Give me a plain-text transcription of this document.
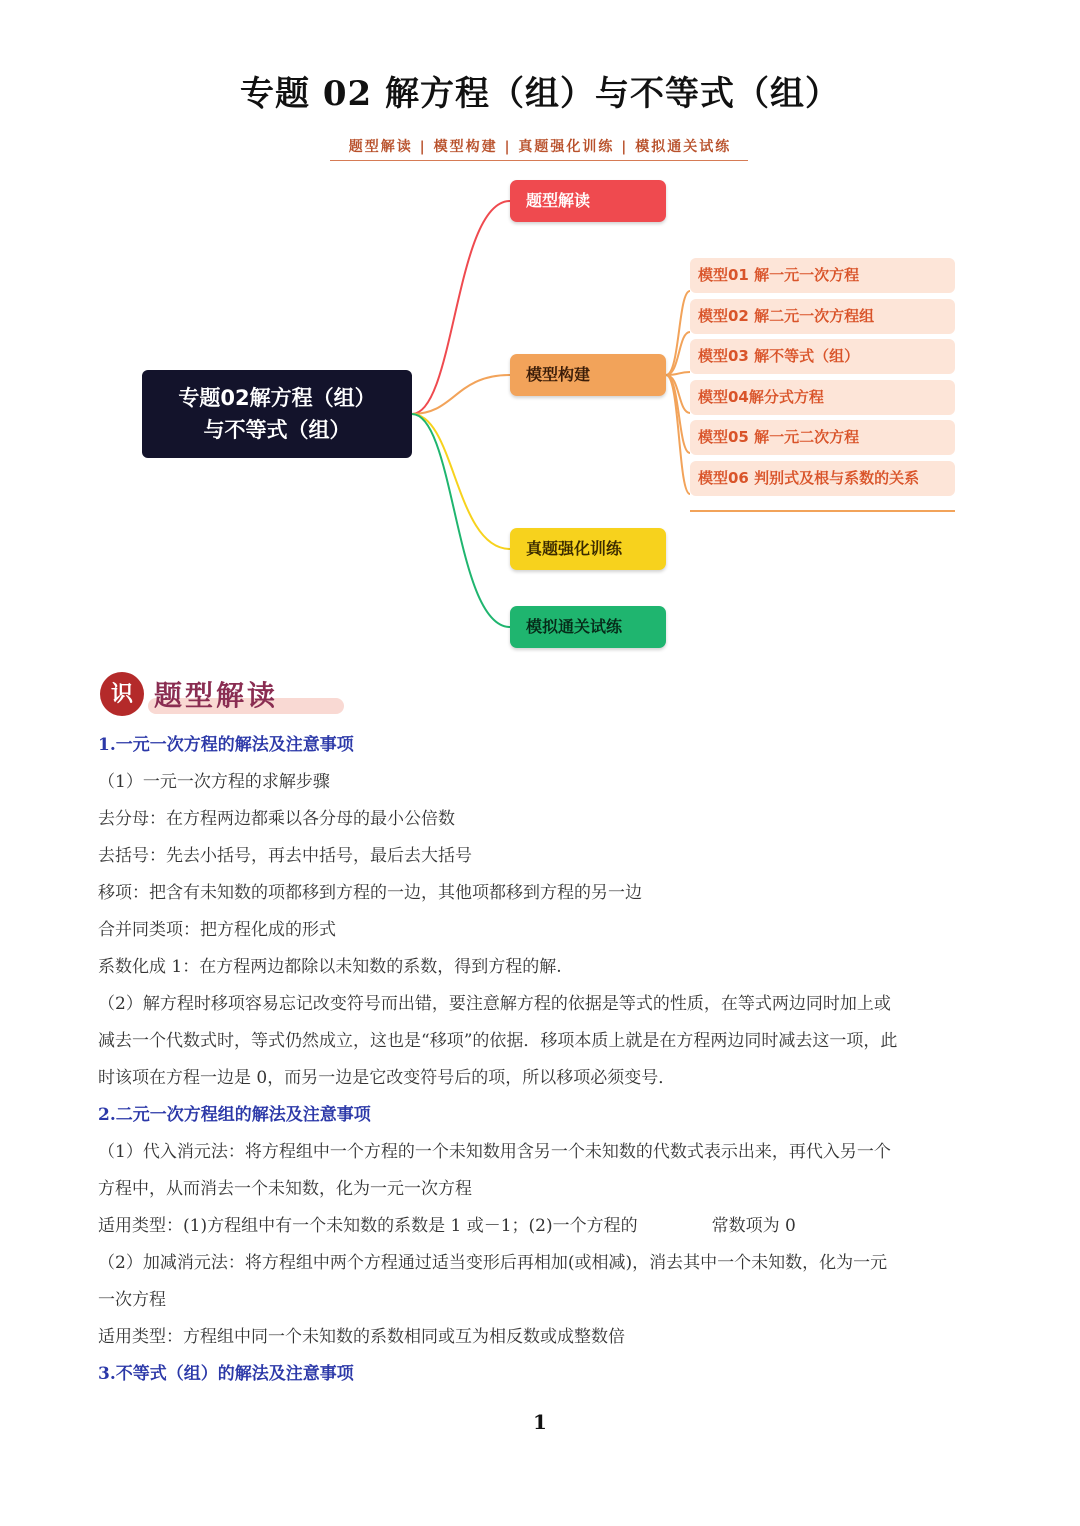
专题 02 解方程（组）与不等式（组）
题型解读 | 模型构建 | 真题强化训练 | 模拟通关试练
专题02解方程（组）
与不等式（组）
题型解读
模型构建
真题强化训练
模拟通关试练
模型01 解一元一次方程
模型02 解二元一次方程组
模型03 解不等式（组）
模型04解分式方程
模型05 解一元二次方程
模型06 判别式及根与系数的关系
识 题型解读
1.一元一次方程的解法及注意事项
（1）一元一次方程的求解步骤
去分母：在方程两边都乘以各分母的最小公倍数
去括号：先去小括号，再去中括号，最后去大括号
移项：把含有未知数的项都移到方程的一边，其他项都移到方程的另一边
合并同类项：把方程化成的形式
系数化成 1：在方程两边都除以未知数的系数，得到方程的解.
（2）解方程时移项容易忘记改变符号而出错，要注意解方程的依据是等式的性质，在等式两边同时加上或
减去一个代数式时，等式仍然成立，这也是“移项”的依据．移项本质上就是在方程两边同时减去这一项，此
时该项在方程一边是 0，而另一边是它改变符号后的项，所以移项必须变号．
2.二元一次方程组的解法及注意事项
（1）代入消元法：将方程组中一个方程的一个未知数用含另一个未知数的代数式表示出来，再代入另一个
方程中，从而消去一个未知数，化为一元一次方程
适用类型：(1)方程组中有一个未知数的系数是 1 或－1；(2)一个方程的	常数项为 0
（2）加减消元法：将方程组中两个方程通过适当变形后再相加(或相减)，消去其中一个未知数，化为一元
一次方程
适用类型：方程组中同一个未知数的系数相同或互为相反数或成整数倍
3.不等式（组）的解法及注意事项
1
